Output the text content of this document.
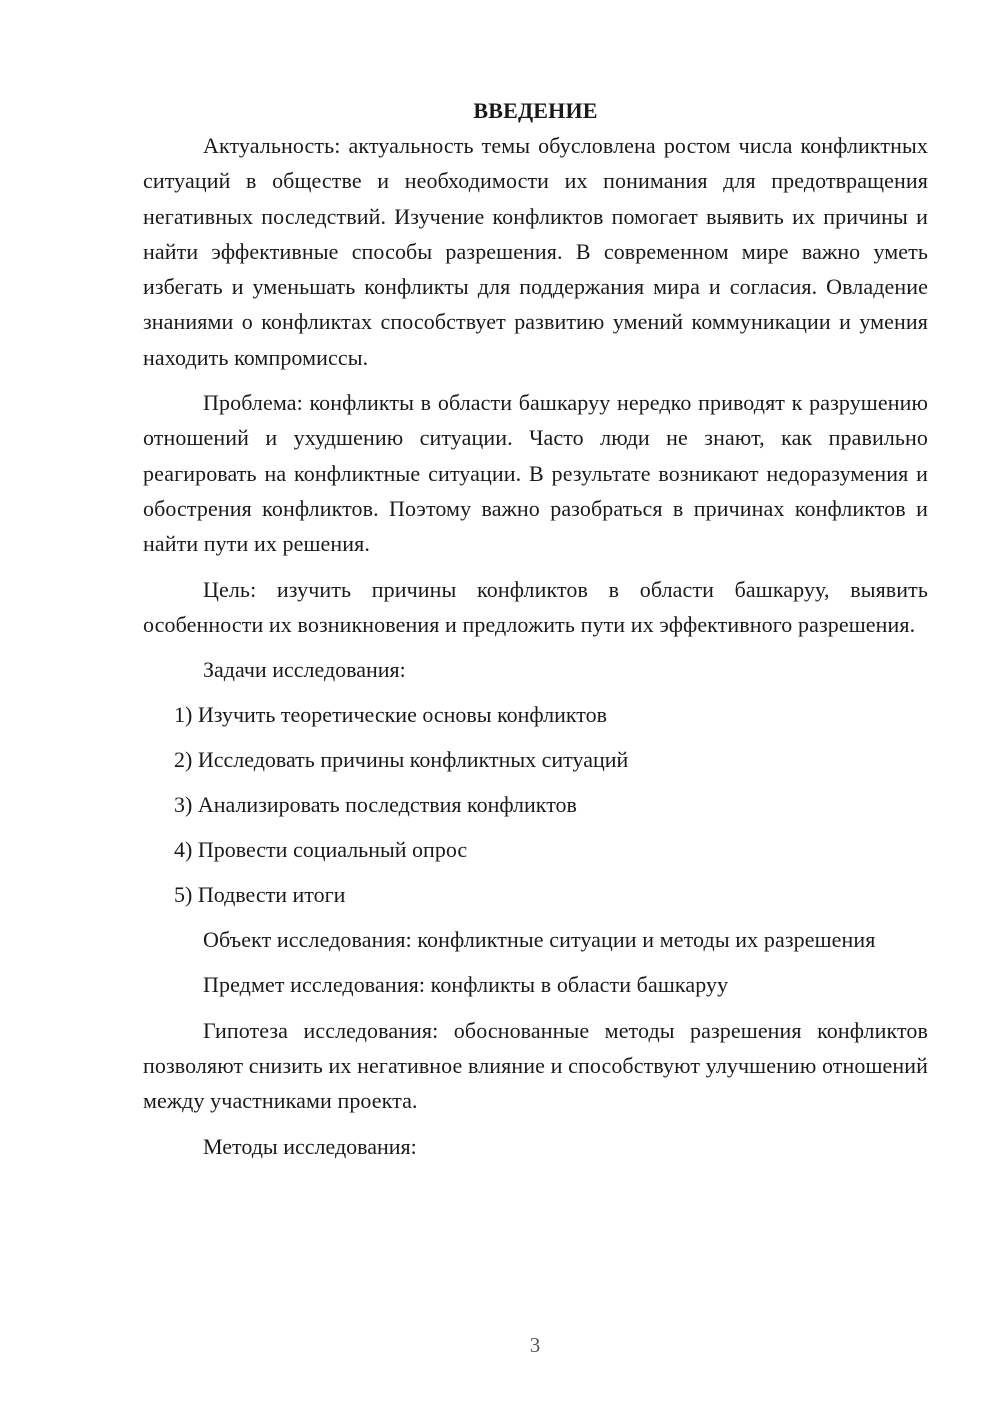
ВВЕДЕНИЕ

Актуальность: актуальность темы обусловлена ростом числа конфликтных ситуаций в обществе и необходимости их понимания для предотвращения негативных последствий. Изучение конфликтов помогает выявить их причины и найти эффективные способы разрешения. В современном мире важно уметь избегать и уменьшать конфликты для поддержания мира и согласия. Овладение знаниями о конфликтах способствует развитию умений коммуникации и умения находить компромиссы.

Проблема: конфликты в области башкаруу нередко приводят к разрушению отношений и ухудшению ситуации. Часто люди не знают, как правильно реагировать на конфликтные ситуации. В результате возникают недоразумения и обострения конфликтов. Поэтому важно разобраться в причинах конфликтов и найти пути их решения.

Цель: изучить причины конфликтов в области башкаруу, выявить особенности их возникновения и предложить пути их эффективного разрешения.

Задачи исследования:

1) Изучить теоретические основы конфликтов
2) Исследовать причины конфликтных ситуаций
3) Анализировать последствия конфликтов
4) Провести социальный опрос
5) Подвести итоги

Объект исследования: конфликтные ситуации и методы их разрешения

Предмет исследования: конфликты в области башкаруу

Гипотеза исследования: обоснованные методы разрешения конфликтов позволяют снизить их негативное влияние и способствуют улучшению отношений между участниками проекта.

Методы исследования:

3
